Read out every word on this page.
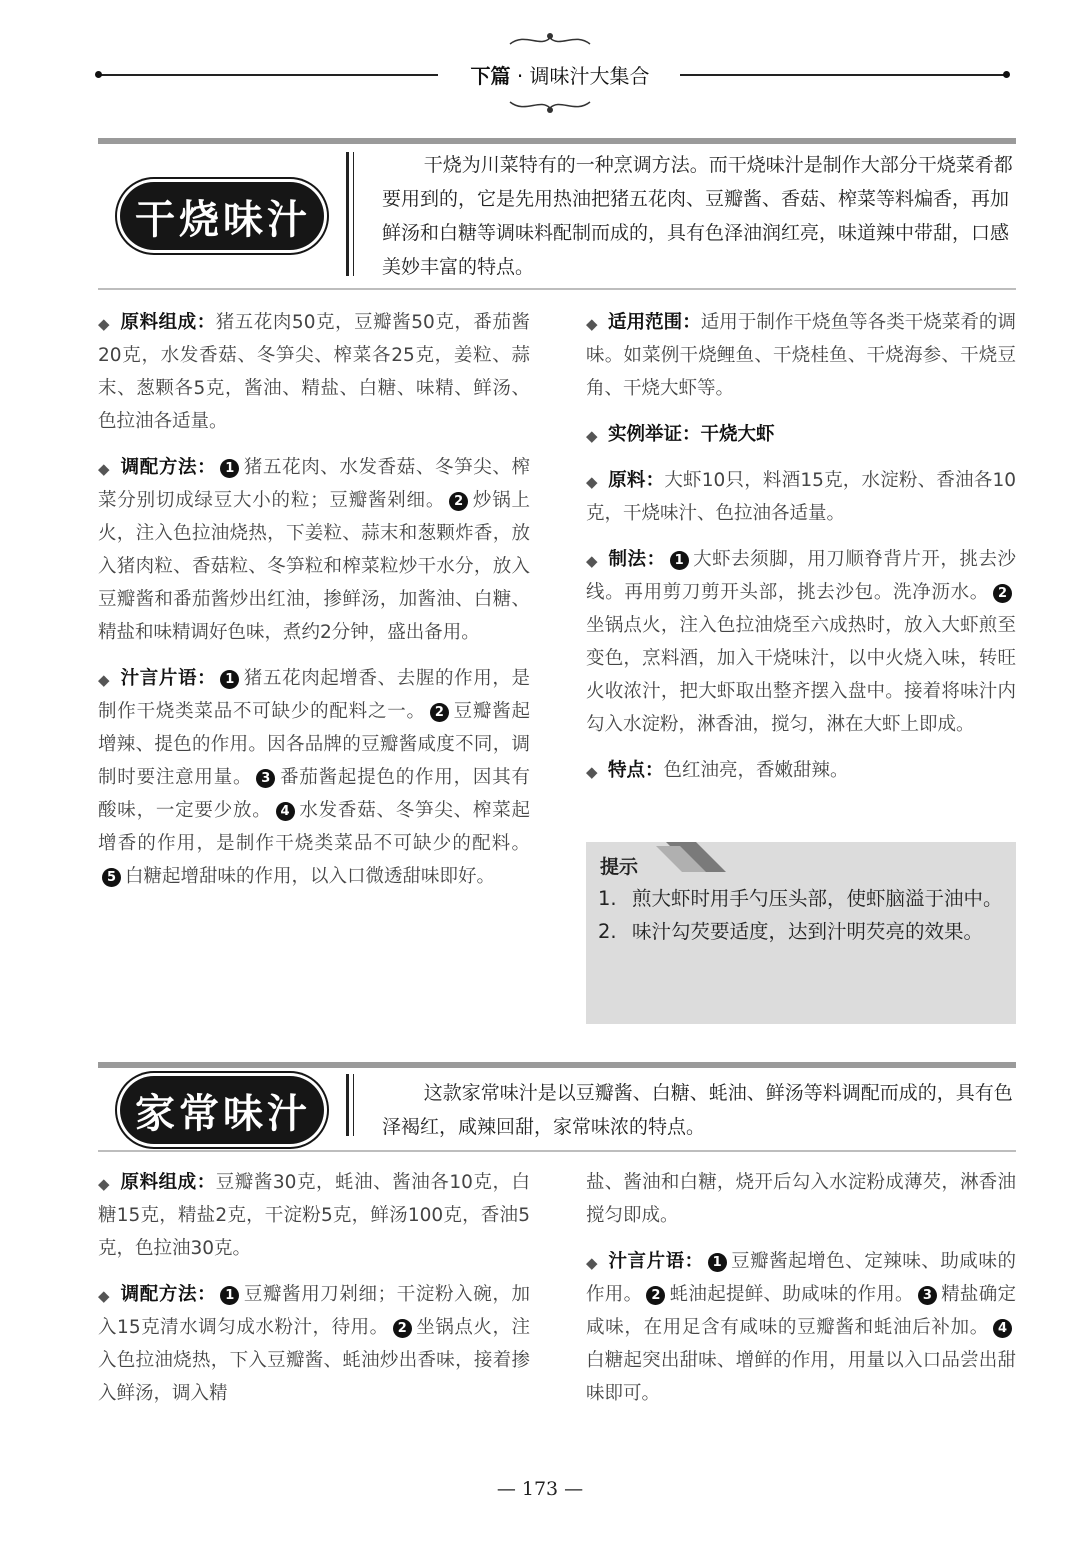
下篇 · 调味汁大集合
干 烧 味 汁
干烧为川菜特有的一种烹调方法。而干烧味汁是制作大部分干烧菜肴都要用到的，它是先用热油把猪五花肉、豆瓣酱、香菇、榨菜等料煸香，再加鲜汤和白糖等调味料配制而成的，具有色泽油润红亮，味道辣中带甜，口感美妙丰富的特点。

◆ 原料组成：猪五花肉50克，豆瓣酱50克，番茄酱20克，水发香菇、冬笋尖、榨菜各25克，姜粒、蒜末、葱颗各5克，酱油、精盐、白糖、味精、鲜汤、色拉油各适量。

◆ 调配方法： 1 猪五花肉、水发香菇、冬笋尖、榨菜分别切成绿豆大小的粒；豆瓣酱剁细。 2 炒锅上火，注入色拉油烧热，下姜粒、蒜末和葱颗炸香，放入猪肉粒、香菇粒、冬笋粒和榨菜粒炒干水分，放入豆瓣酱和番茄酱炒出红油，掺鲜汤，加酱油、白糖、精盐和味精调好色味，煮约2分钟，盛出备用。

◆ 汁言片语： 1 猪五花肉起增香、去腥的作用，是制作干烧类菜品不可缺少的配料之一。 2 豆瓣酱起增辣、提色的作用。因各品牌的豆瓣酱咸度不同，调制时要注意用量。 3 番茄酱起提色的作用，因其有酸味，一定要少放。 4 水发香菇、冬笋尖、榨菜起增香的作用，是制作干烧类菜品不可缺少的配料。5 白糖起增甜味的作用，以入口微透甜味即好。

◆ 适用范围：适用于制作干烧鱼等各类干烧菜肴的调味。如菜例干烧鲤鱼、干烧桂鱼、干烧海参、干烧豆角、干烧大虾等。

◆ 实例举证：干烧大虾

◆ 原料：大虾10只，料酒15克，水淀粉、香油各10克，干烧味汁、色拉油各适量。

◆ 制法： 1 大虾去须脚，用刀顺脊背片开，挑去沙线。再用剪刀剪开头部，挑去沙包。洗净沥水。 2坐锅点火，注入色拉油烧至六成热时，放入大虾煎至变色，烹料酒，加入干烧味汁，以中火烧入味，转旺火收浓汁，把大虾取出整齐摆入盘中。接着将味汁内勾入水淀粉，淋香油，搅匀，淋在大虾上即成。

◆ 特点：色红油亮，香嫩甜辣。

提示
1. 煎大虾时用手勺压头部，使虾脑溢于油中。
2. 味汁勾芡要适度，达到汁明芡亮的效果。
家 常 味 汁	这款家常味汁是以豆瓣酱、白糖、蚝油、鲜汤等料调配而成的，具有色泽褐红，咸辣回甜，家常味浓的特点。

◆ 原料组成：豆瓣酱30克，蚝油、酱油各10克，白糖15克，精盐2克，干淀粉5克，鲜汤100克，香油5克，色拉油30克。

◆ 调配方法： 1 豆瓣酱用刀剁细；干淀粉入碗，加入15克清水调匀成水粉汁，待用。 2 坐锅点火，注入色拉油烧热，下入豆瓣酱、蚝油炒出香味，接着掺入鲜汤，调入精

盐、酱油和白糖，烧开后勾入水淀粉成薄芡，淋香油搅匀即成。

◆ 汁言片语： 1 豆瓣酱起增色、定辣味、助咸味的作用。 2 蚝油起提鲜、助咸味的作用。 3 精盐确定咸味，在用足含有咸味的豆瓣酱和蚝油后补加。 4白糖起突出甜味、增鲜的作用，用量以入口品尝出甜味即可。

— 173 —
